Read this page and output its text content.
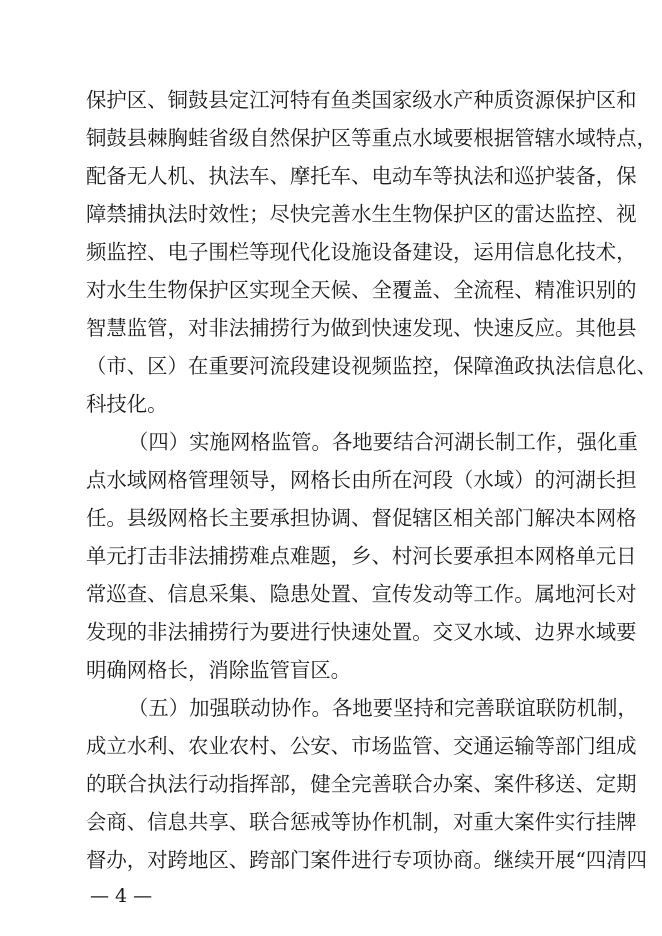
保护区、铜鼓县定江河特有鱼类国家级水产种质资源保护区和
铜鼓县棘胸蛙省级自然保护区等重点水域要根据管辖水域特点，
配备无人机、执法车、摩托车、电动车等执法和巡护装备，保
障禁捕执法时效性；尽快完善水生生物保护区的雷达监控、视
频监控、电子围栏等现代化设施设备建设，运用信息化技术，
对水生生物保护区实现全天候、全覆盖、全流程、精准识别的
智慧监管，对非法捕捞行为做到快速发现、快速反应。其他县
（市、区）在重要河流段建设视频监控，保障渔政执法信息化、
科技化。
（四）实施网格监管。各地要结合河湖长制工作，强化重
点水域网格管理领导，网格长由所在河段（水域）的河湖长担
任。县级网格长主要承担协调、督促辖区相关部门解决本网格
单元打击非法捕捞难点难题，乡、村河长要承担本网格单元日
常巡查、信息采集、隐患处置、宣传发动等工作。属地河长对
发现的非法捕捞行为要进行快速处置。交叉水域、边界水域要
明确网格长，消除监管盲区。
（五）加强联动协作。各地要坚持和完善联谊联防机制，
成立水利、农业农村、公安、市场监管、交通运输等部门组成
的联合执法行动指挥部，健全完善联合办案、案件移送、定期
会商、信息共享、联合惩戒等协作机制，对重大案件实行挂牌
督办，对跨地区、跨部门案件进行专项协商。继续开展“四清四
— 4 —
